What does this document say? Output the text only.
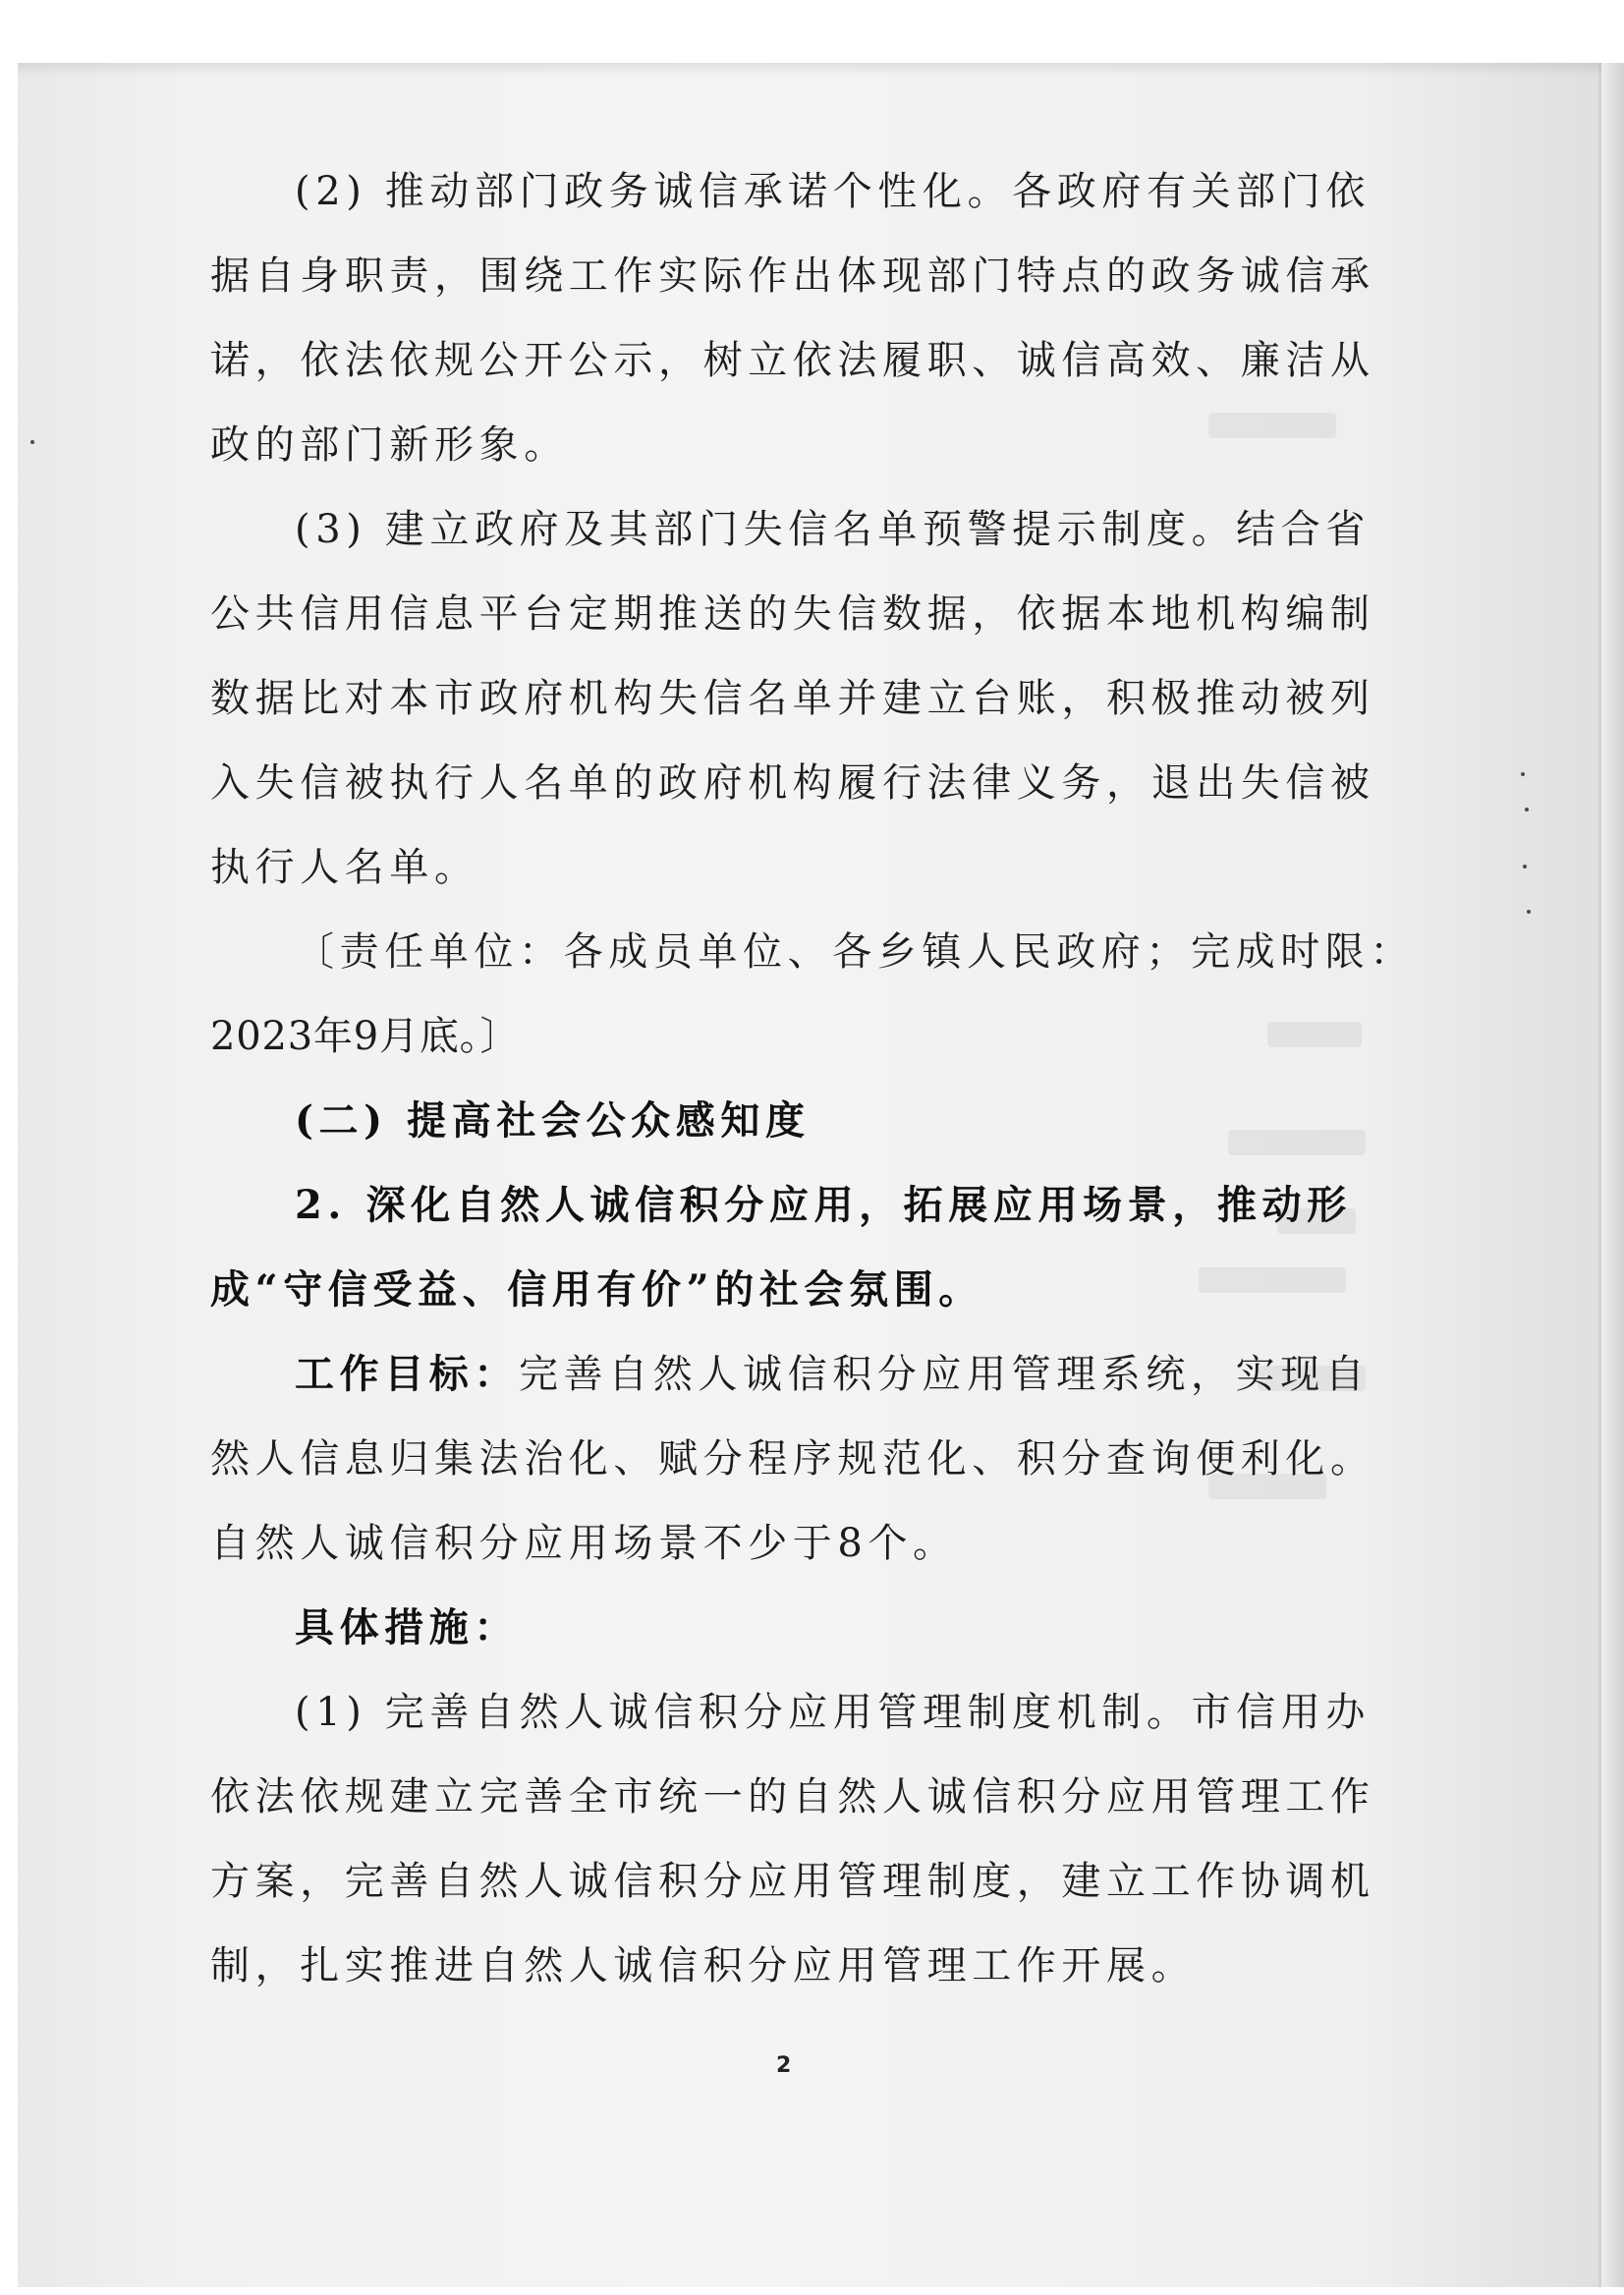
(2) 推动部门政务诚信承诺个性化。各政府有关部门依
据自身职责，围绕工作实际作出体现部门特点的政务诚信承
诺，依法依规公开公示，树立依法履职、诚信高效、廉洁从
政的部门新形象。
(3) 建立政府及其部门失信名单预警提示制度。结合省
公共信用信息平台定期推送的失信数据，依据本地机构编制
数据比对本市政府机构失信名单并建立台账，积极推动被列
入失信被执行人名单的政府机构履行法律义务，退出失信被
执行人名单。
〔责任单位：各成员单位、各乡镇人民政府；完成时限：
2023年9月底。〕
(二) 提高社会公众感知度
2. 深化自然人诚信积分应用，拓展应用场景，推动形
成“守信受益、信用有价”的社会氛围。
工作目标：完善自然人诚信积分应用管理系统，实现自
然人信息归集法治化、赋分程序规范化、积分查询便利化。
自然人诚信积分应用场景不少于8个。
具体措施：
(1) 完善自然人诚信积分应用管理制度机制。市信用办
依法依规建立完善全市统一的自然人诚信积分应用管理工作
方案，完善自然人诚信积分应用管理制度，建立工作协调机
制，扎实推进自然人诚信积分应用管理工作开展。
2
